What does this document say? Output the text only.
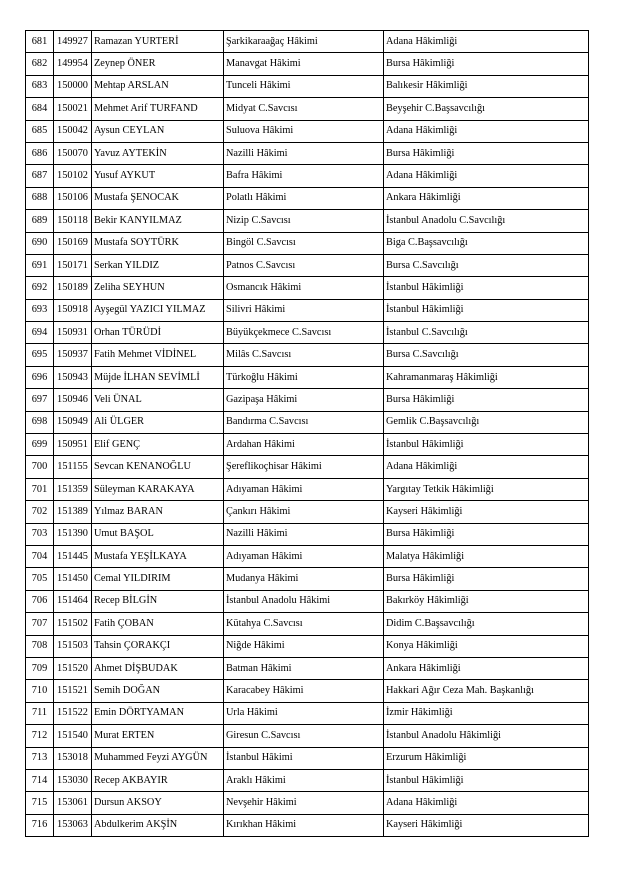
681	149927	Ramazan YURTERİ	Şarkikaraağaç Hâkimi	Adana Hâkimliği
682	149954	Zeynep ÖNER	Manavgat Hâkimi	Bursa Hâkimliği
683	150000	Mehtap ARSLAN	Tunceli Hâkimi	Balıkesir Hâkimliği
684	150021	Mehmet Arif TURFAND	Midyat C.Savcısı	Beyşehir C.Başsavcılığı
685	150042	Aysun CEYLAN	Suluova Hâkimi	Adana Hâkimliği
686	150070	Yavuz AYTEKİN	Nazilli Hâkimi	Bursa Hâkimliği
687	150102	Yusuf AYKUT	Bafra Hâkimi	Adana Hâkimliği
688	150106	Mustafa ŞENOCAK	Polatlı Hâkimi	Ankara Hâkimliği
689	150118	Bekir KANYILMAZ	Nizip C.Savcısı	İstanbul Anadolu C.Savcılığı
690	150169	Mustafa SOYTÜRK	Bingöl C.Savcısı	Biga C.Başsavcılığı
691	150171	Serkan YILDIZ	Patnos C.Savcısı	Bursa C.Savcılığı
692	150189	Zeliha SEYHUN	Osmancık Hâkimi	İstanbul Hâkimliği
693	150918	Ayşegül YAZICI YILMAZ	Silivri Hâkimi	İstanbul Hâkimliği
694	150931	Orhan TÜRÜDİ	Büyükçekmece C.Savcısı	İstanbul C.Savcılığı
695	150937	Fatih Mehmet VİDİNEL	Milâs C.Savcısı	Bursa C.Savcılığı
696	150943	Müjde İLHAN SEVİMLİ	Türkoğlu Hâkimi	Kahramanmaraş Hâkimliği
697	150946	Veli ÜNAL	Gazipaşa Hâkimi	Bursa Hâkimliği
698	150949	Ali ÜLGER	Bandırma C.Savcısı	Gemlik C.Başsavcılığı
699	150951	Elif GENÇ	Ardahan Hâkimi	İstanbul Hâkimliği
700	151155	Sevcan KENANOĞLU	Şereflikoçhisar Hâkimi	Adana Hâkimliği
701	151359	Süleyman KARAKAYA	Adıyaman Hâkimi	Yargıtay Tetkik Hâkimliği
702	151389	Yılmaz BARAN	Çankırı Hâkimi	Kayseri Hâkimliği
703	151390	Umut BAŞOL	Nazilli Hâkimi	Bursa Hâkimliği
704	151445	Mustafa YEŞİLKAYA	Adıyaman Hâkimi	Malatya Hâkimliği
705	151450	Cemal YILDIRIM	Mudanya Hâkimi	Bursa Hâkimliği
706	151464	Recep BİLGİN	İstanbul Anadolu Hâkimi	Bakırköy Hâkimliği
707	151502	Fatih ÇOBAN	Kütahya C.Savcısı	Didim C.Başsavcılığı
708	151503	Tahsin ÇORAKÇI	Niğde Hâkimi	Konya Hâkimliği
709	151520	Ahmet DİŞBUDAK	Batman Hâkimi	Ankara Hâkimliği
710	151521	Semih DOĞAN	Karacabey Hâkimi	Hakkari Ağır Ceza Mah. Başkanlığı
711	151522	Emin DÖRTYAMAN	Urla Hâkimi	İzmir Hâkimliği
712	151540	Murat ERTEN	Giresun C.Savcısı	İstanbul Anadolu Hâkimliği
713	153018	Muhammed Feyzi AYGÜN	İstanbul Hâkimi	Erzurum Hâkimliği
714	153030	Recep AKBAYIR	Araklı Hâkimi	İstanbul Hâkimliği
715	153061	Dursun AKSOY	Nevşehir Hâkimi	Adana Hâkimliği
716	153063	Abdulkerim AKŞİN	Kırıkhan Hâkimi	Kayseri Hâkimliği
